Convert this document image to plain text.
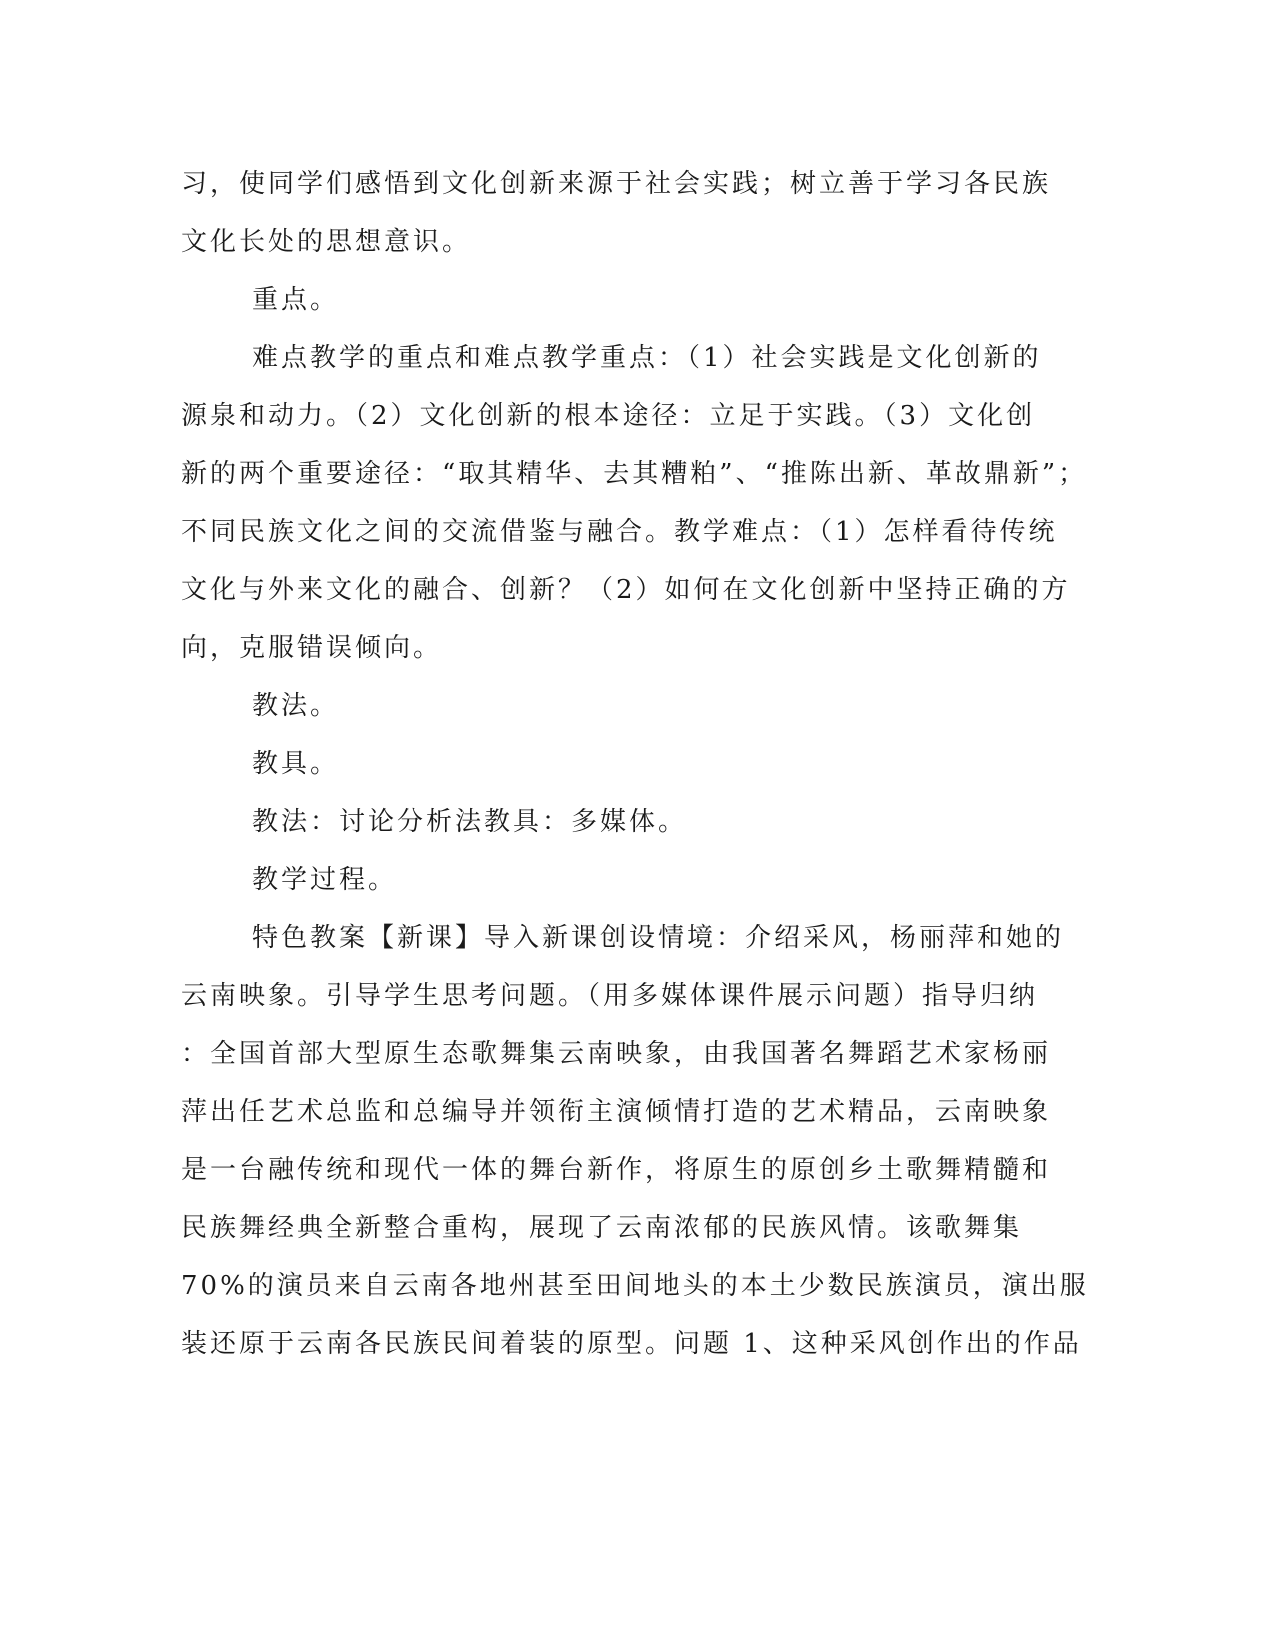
习，使同学们感悟到文化创新来源于社会实践；树立善于学习各民族
文化长处的思想意识。
重点。
难点教学的重点和难点教学重点：（1）社会实践是文化创新的
源泉和动力。（2）文化创新的根本途径：立足于实践。（3）文化创
新的两个重要途径：“取其精华、去其糟粕”、“推陈出新、革故鼎新”；
不同民族文化之间的交流借鉴与融合。教学难点：（1）怎样看待传统
文化与外来文化的融合、创新？（2）如何在文化创新中坚持正确的方
向，克服错误倾向。
教法。
教具。
教法：讨论分析法教具：多媒体。
教学过程。
特色教案【新课】导入新课创设情境：介绍采风，杨丽萍和她的
云南映象。引导学生思考问题。（用多媒体课件展示问题）指导归纳
：全国首部大型原生态歌舞集云南映象，由我国著名舞蹈艺术家杨丽
萍出任艺术总监和总编导并领衔主演倾情打造的艺术精品，云南映象
是一台融传统和现代一体的舞台新作，将原生的原创乡土歌舞精髓和
民族舞经典全新整合重构，展现了云南浓郁的民族风情。该歌舞集
70%的演员来自云南各地州甚至田间地头的本土少数民族演员，演出服
装还原于云南各民族民间着装的原型。问题 1、这种采风创作出的作品
